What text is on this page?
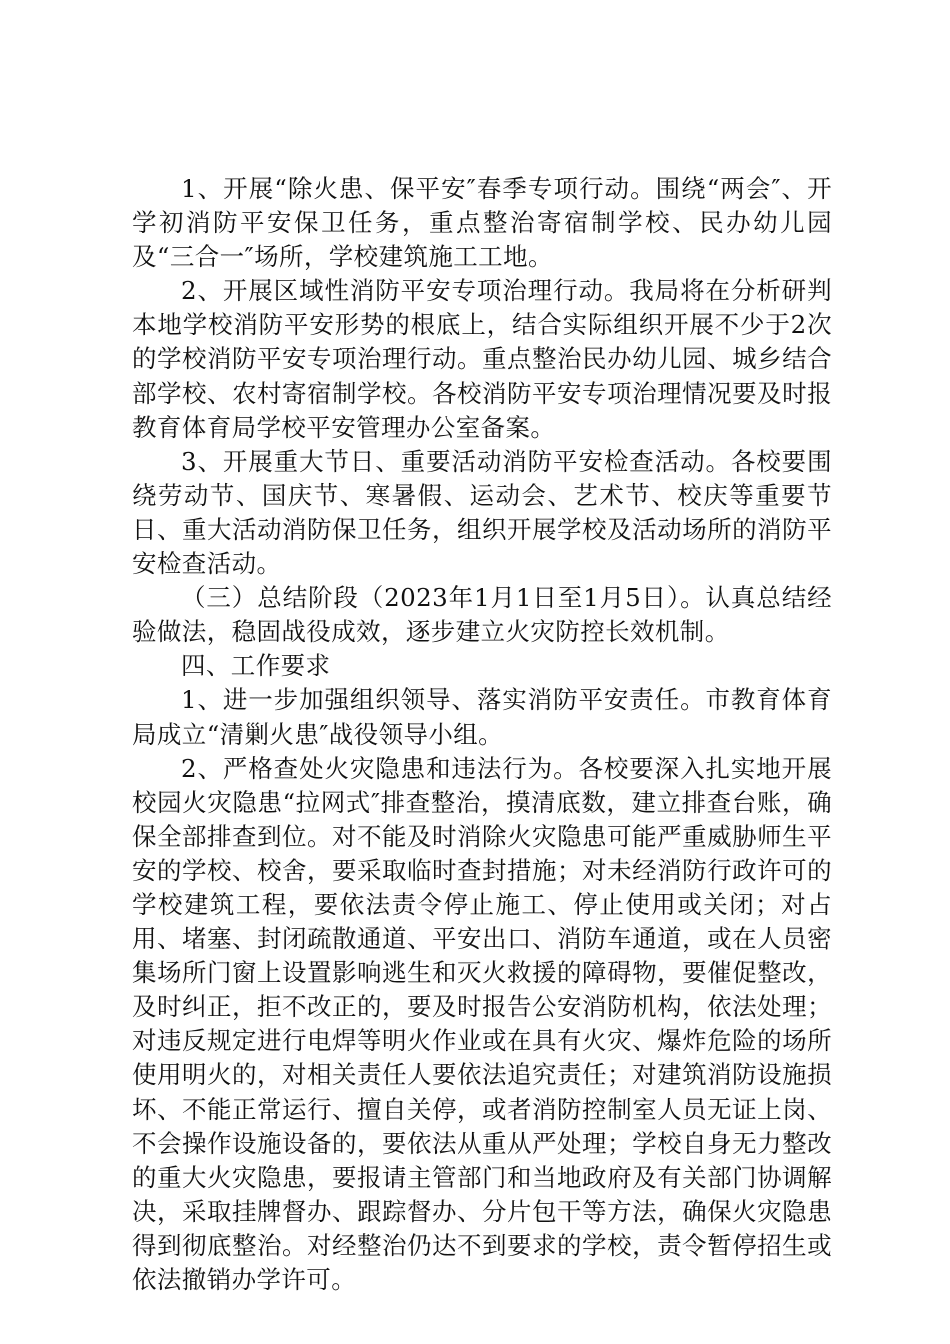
1、开展“除火患、保平安″春季专项行动。围绕“两会″、开学初消防平安保卫任务，重点整治寄宿制学校、民办幼儿园及“三合一″场所，学校建筑施工工地。

2、开展区域性消防平安专项治理行动。我局将在分析研判本地学校消防平安形势的根底上，结合实际组织开展不少于2次的学校消防平安专项治理行动。重点整治民办幼儿园、城乡结合部学校、农村寄宿制学校。各校消防平安专项治理情况要及时报教育体育局学校平安管理办公室备案。

3、开展重大节日、重要活动消防平安检查活动。各校要围绕劳动节、国庆节、寒暑假、运动会、艺术节、校庆等重要节日、重大活动消防保卫任务，组织开展学校及活动场所的消防平安检查活动。

（三）总结阶段（2023年1月1日至1月5日）。认真总结经验做法，稳固战役成效，逐步建立火灾防控长效机制。

四、工作要求

1、进一步加强组织领导、落实消防平安责任。市教育体育局成立“清剿火患″战役领导小组。

2、严格查处火灾隐患和违法行为。各校要深入扎实地开展校园火灾隐患“拉网式″排查整治，摸清底数，建立排查台账，确保全部排查到位。对不能及时消除火灾隐患可能严重威胁师生平安的学校、校舍，要采取临时查封措施；对未经消防行政许可的学校建筑工程，要依法责令停止施工、停止使用或关闭；对占用、堵塞、封闭疏散通道、平安出口、消防车通道，或在人员密集场所门窗上设置影响逃生和灭火救援的障碍物，要催促整改，及时纠正，拒不改正的，要及时报告公安消防机构，依法处理；对违反规定进行电焊等明火作业或在具有火灾、爆炸危险的场所使用明火的，对相关责任人要依法追究责任；对建筑消防设施损坏、不能正常运行、擅自关停，或者消防控制室人员无证上岗、不会操作设施设备的，要依法从重从严处理；学校自身无力整改的重大火灾隐患，要报请主管部门和当地政府及有关部门协调解决，采取挂牌督办、跟踪督办、分片包干等方法，确保火灾隐患得到彻底整治。对经整治仍达不到要求的学校，责令暂停招生或依法撤销办学许可。
